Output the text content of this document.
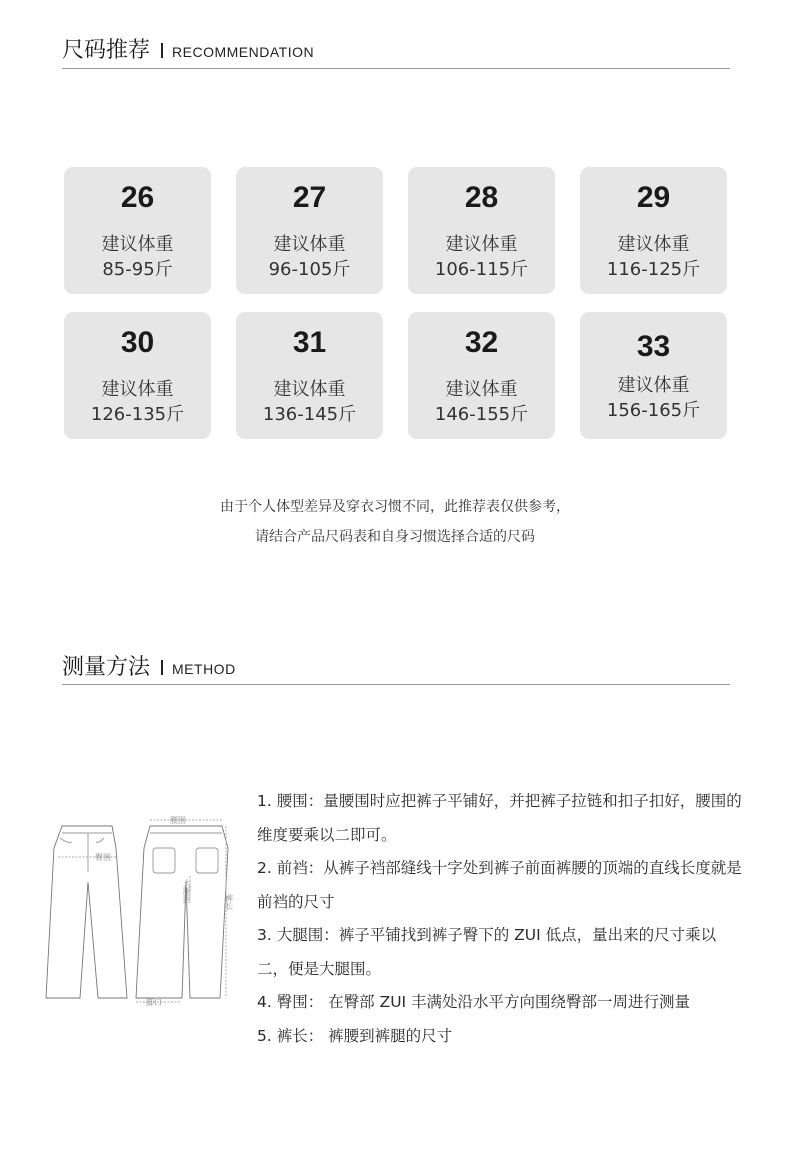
尺码推荐 RECOMMENDATION
26
建议体重
85-95斤
27
建议体重
96-105斤
28
建议体重
106-115斤
29
建议体重
116-125斤
30
建议体重
126-135斤
31
建议体重
136-145斤
32
建议体重
146-155斤
33
建议体重
156-165斤
由于个人体型差异及穿衣习惯不同，此推荐表仅供参考，
请结合产品尺码表和自身习惯选择合适的尺码
测量方法 METHOD
腰围
臀围
大腿围	裤长
脚口

1. 腰围：量腰围时应把裤子平铺好，并把裤子拉链和扣子扣好，腰围的维度要乘以二即可。

2. 前裆：从裤子裆部缝线十字处到裤子前面裤腰的顶端的直线长度就是前裆的尺寸

3. 大腿围：裤子平铺找到裤子臀下的 ZUI 低点，量出来的尺寸乘以二，便是大腿围。

4. 臀围： 在臀部 ZUI 丰满处沿水平方向围绕臀部一周进行测量

5. 裤长： 裤腰到裤腿的尺寸
